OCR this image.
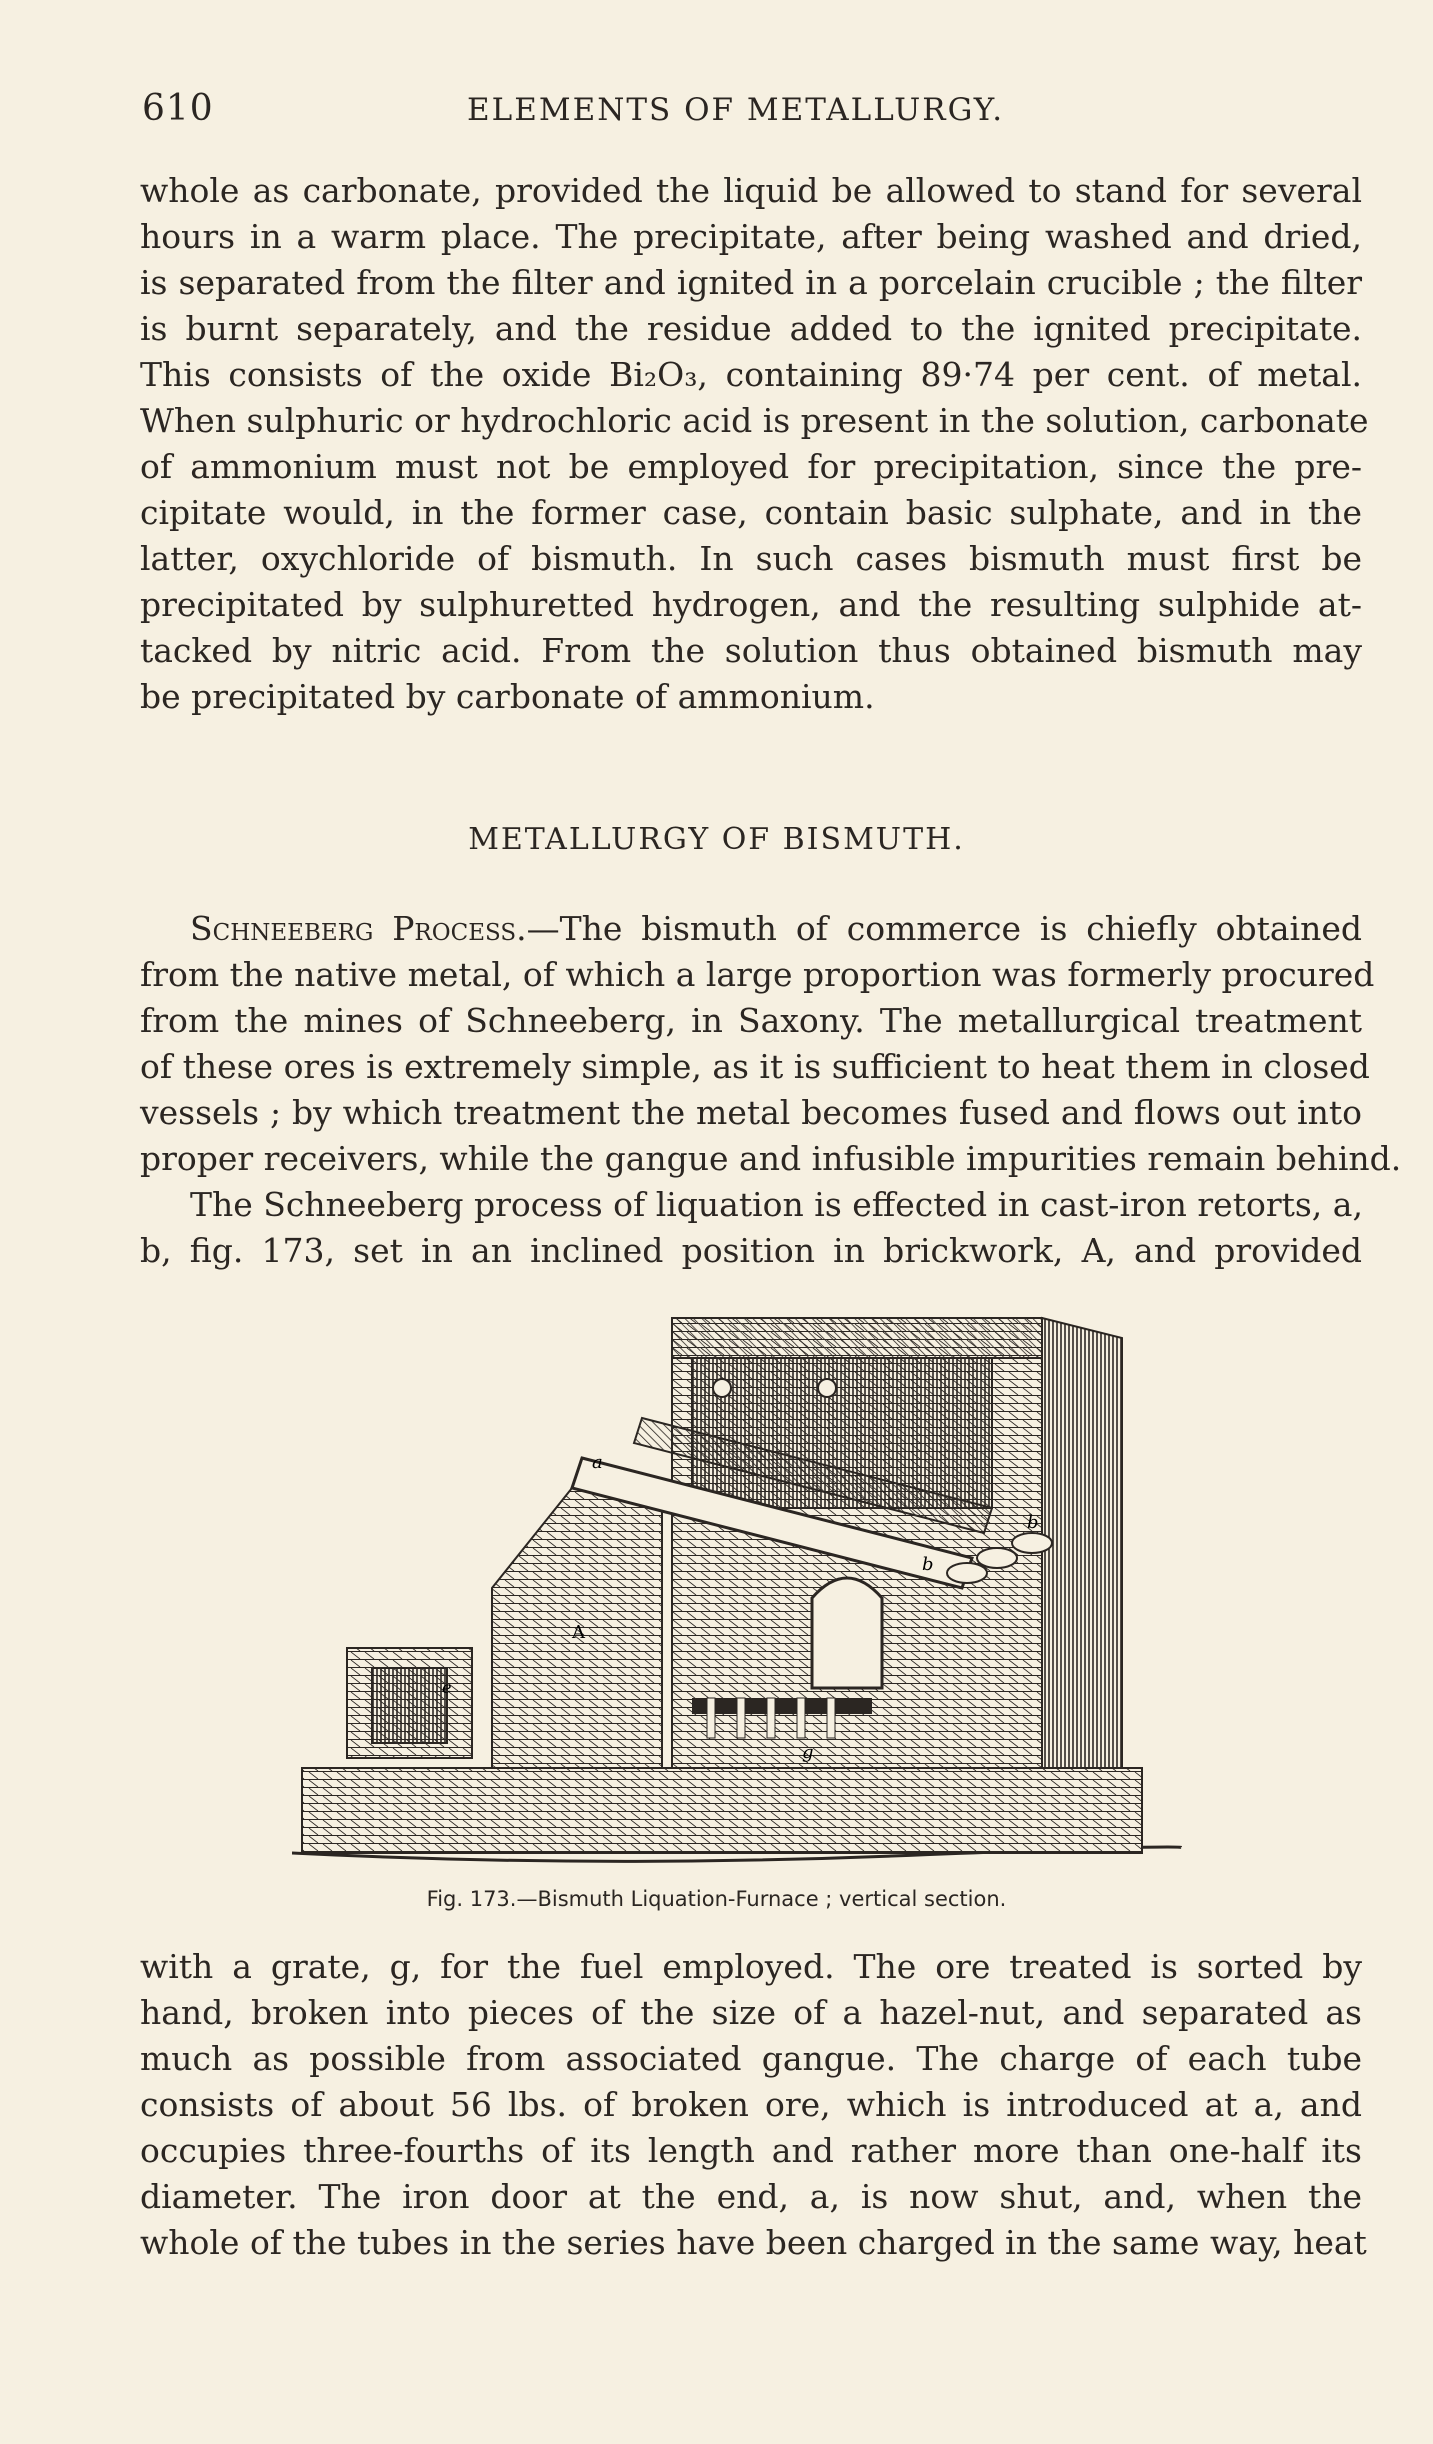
610	ELEMENTS OF METALLURGY.
whole as carbonate, provided the liquid be allowed to stand for several
hours in a warm place. The precipitate, after being washed and dried,
is separated from the filter and ignited in a porcelain crucible ; the filter
is burnt separately, and the residue added to the ignited precipitate.
This consists of the oxide Bi₂O₃, containing 89·74 per cent. of metal.
When sulphuric or hydrochloric acid is present in the solution, carbonate
of ammonium must not be employed for precipitation, since the pre-
cipitate would, in the former case, contain basic sulphate, and in the
latter, oxychloride of bismuth. In such cases bismuth must first be
precipitated by sulphuretted hydrogen, and the resulting sulphide at-
tacked by nitric acid. From the solution thus obtained bismuth may
be precipitated by carbonate of ammonium.
METALLURGY OF BISMUTH.
Schneeberg Process.—The bismuth of commerce is chiefly obtained
from the native metal, of which a large proportion was formerly procured
from the mines of Schneeberg, in Saxony. The metallurgical treatment
of these ores is extremely simple, as it is sufficient to heat them in closed
vessels ; by which treatment the metal becomes fused and flows out into
proper receivers, while the gangue and infusible impurities remain behind.
The Schneeberg process of liquation is effected in cast-iron retorts, a,
b, fig. 173, set in an inclined position in brickwork, A, and provided
a
b
b
A
g
e
Fig. 173.—Bismuth Liquation-Furnace ; vertical section.
with a grate, g, for the fuel employed. The ore treated is sorted by
hand, broken into pieces of the size of a hazel-nut, and separated as
much as possible from associated gangue. The charge of each tube
consists of about 56 lbs. of broken ore, which is introduced at a, and
occupies three-fourths of its length and rather more than one-half its
diameter. The iron door at the end, a, is now shut, and, when the
whole of the tubes in the series have been charged in the same way, heat
